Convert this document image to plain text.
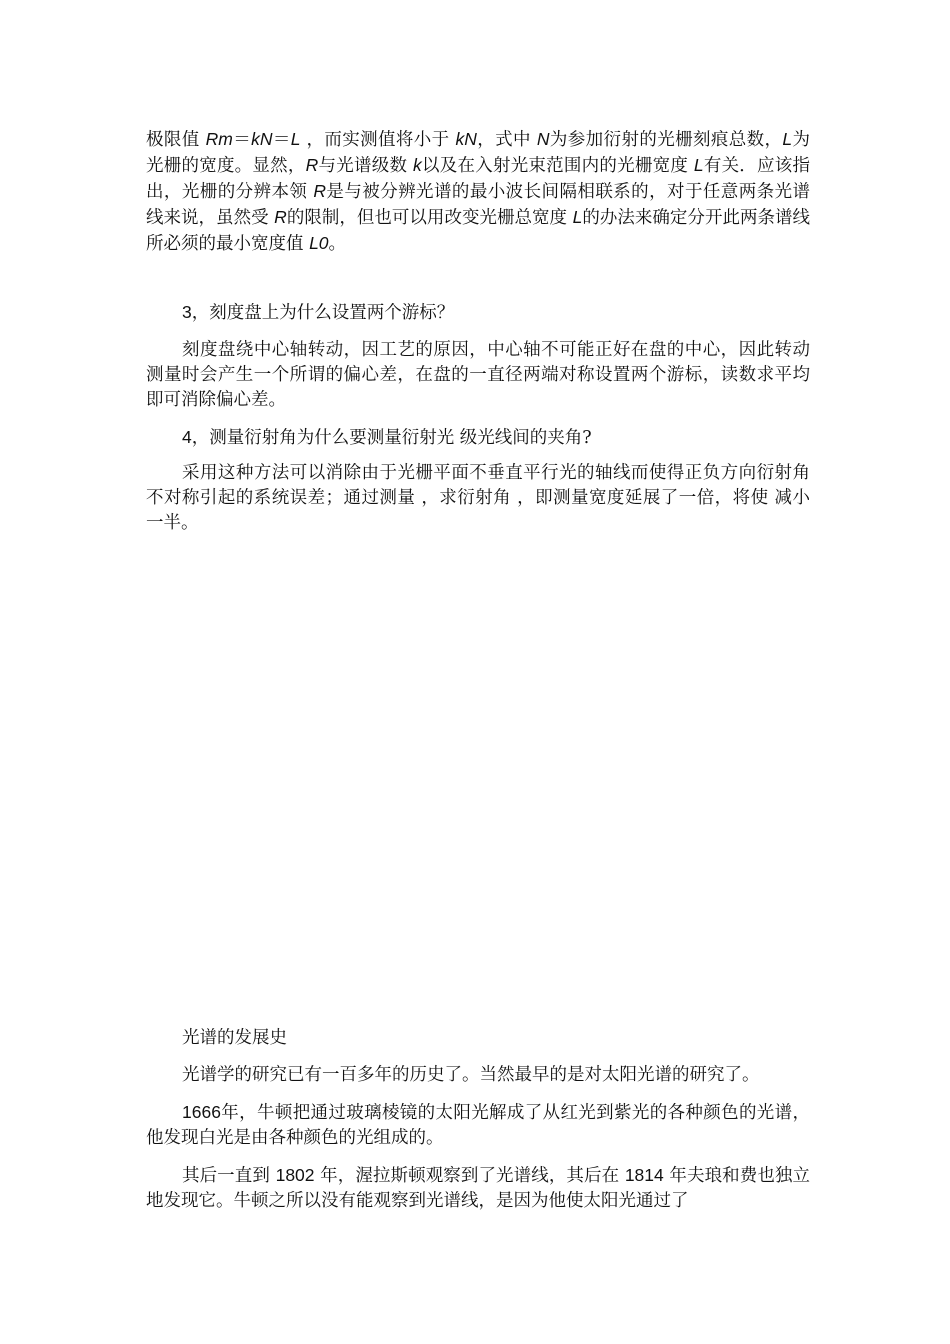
极限值 Rm＝kN＝L ，而实测值将小于 kN，式中 N为参加衍射的光栅刻痕总数，L为光栅的宽度。显然，R与光谱级数 k以及在入射光束范围内的光栅宽度 L有关．应该指出，光栅的分辨本领 R是与被分辨光谱的最小波长间隔相联系的，对于任意两条光谱线来说，虽然受 R的限制，但也可以用改变光栅总宽度 L的办法来确定分开此两条谱线所必须的最小宽度值 L0。

3，刻度盘上为什么设置两个游标？

刻度盘绕中心轴转动，因工艺的原因，中心轴不可能正好在盘的中心，因此转动测量时会产生一个所谓的偏心差，在盘的一直径两端对称设置两个游标，读数求平均即可消除偏心差。

4，测量衍射角为什么要测量衍射光 级光线间的夹角?

采用这种方法可以消除由于光栅平面不垂直平行光的轴线而使得正负方向衍射角不对称引起的系统误差；通过测量 ，求衍射角 ，即测量宽度延展了一倍，将使 减小一半。

光谱的发展史

光谱学的研究已有一百多年的历史了。当然最早的是对太阳光谱的研究了。

1666年，牛顿把通过玻璃棱镜的太阳光解成了从红光到紫光的各种颜色的光谱，他发现白光是由各种颜色的光组成的。

其后一直到 1802 年，渥拉斯顿观察到了光谱线，其后在 1814 年夫琅和费也独立地发现它。牛顿之所以没有能观察到光谱线，是因为他使太阳光通过了
